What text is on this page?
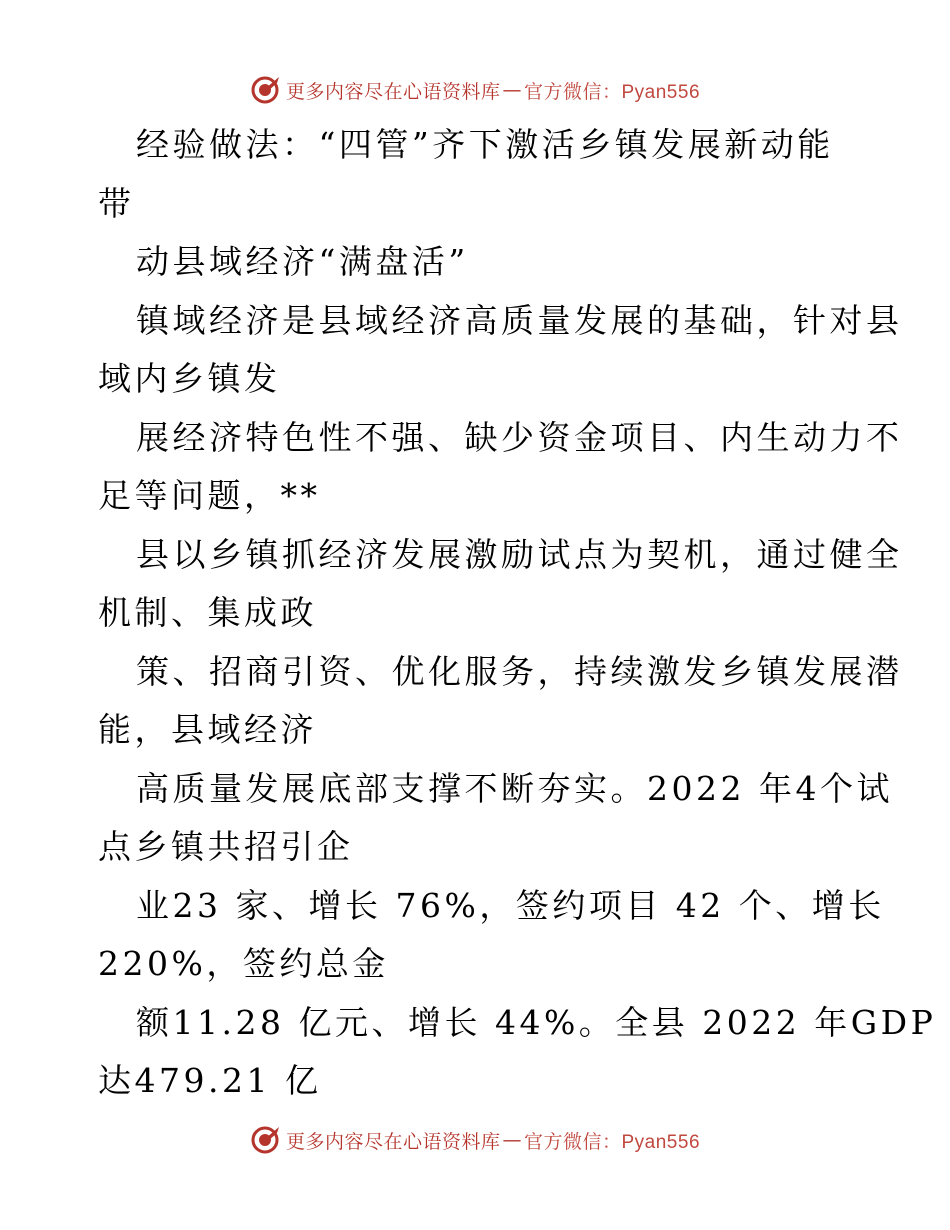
更多内容尽在心语资料库 — 官方微信：Pyan556
经验做法：“四管”齐下激活乡镇发展新动能
带
动县域经济“满盘活”
镇域经济是县域经济高质量发展的基础，针对县
域内乡镇发
展经济特色性不强、缺少资金项目、内生动力不
足等问题，**
县以乡镇抓经济发展激励试点为契机，通过健全
机制、集成政
策、招商引资、优化服务，持续激发乡镇发展潜
能，县域经济
高质量发展底部支撑不断夯实。2022 年4个试
点乡镇共招引企
业23 家、增长 76%，签约项目 42 个、增长
220%，签约总金
额11.28 亿元、增长 44%。全县 2022 年GDP
达479.21 亿
更多内容尽在心语资料库 — 官方微信：Pyan556
